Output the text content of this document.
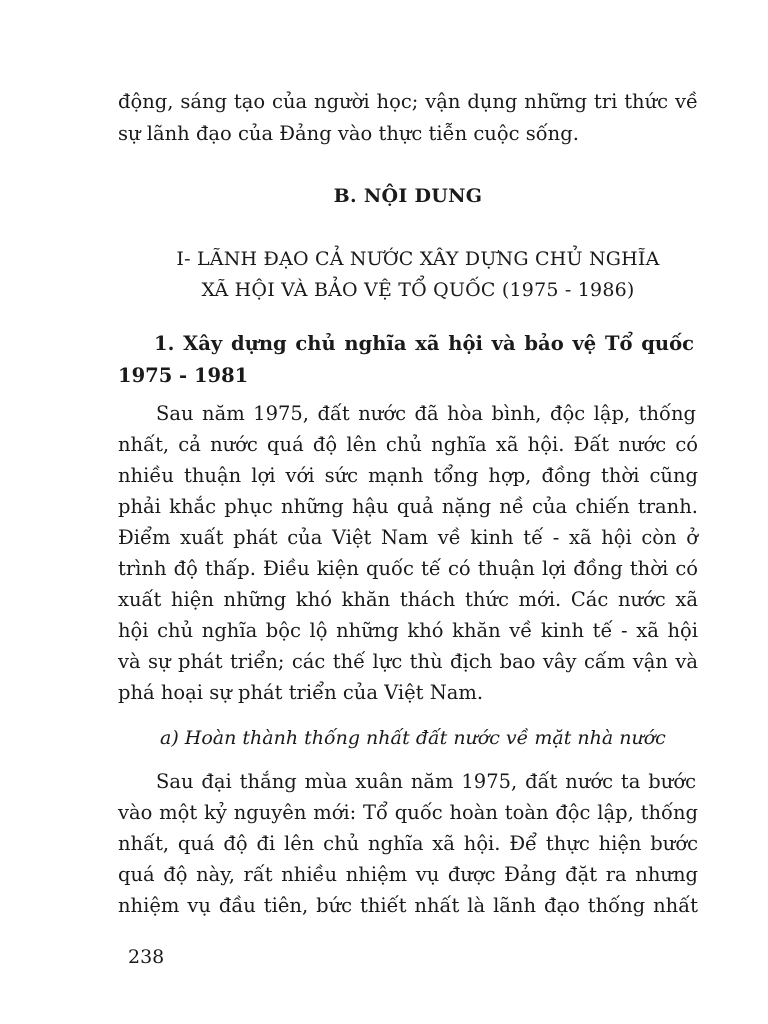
động, sáng tạo của người học; vận dụng những tri thức về
sự lãnh đạo của Đảng vào thực tiễn cuộc sống.
B. NỘI DUNG
I- LÃNH ĐẠO CẢ NƯỚC XÂY DỰNG CHỦ NGHĨA
XÃ HỘI VÀ BẢO VỆ TỔ QUỐC (1975 - 1986)
1. Xây dựng chủ nghĩa xã hội và bảo vệ Tổ quốc
1975 - 1981
Sau năm 1975, đất nước đã hòa bình, độc lập, thống
nhất, cả nước quá độ lên chủ nghĩa xã hội. Đất nước có
nhiều thuận lợi với sức mạnh tổng hợp, đồng thời cũng
phải khắc phục những hậu quả nặng nề của chiến tranh.
Điểm xuất phát của Việt Nam về kinh tế - xã hội còn ở
trình độ thấp. Điều kiện quốc tế có thuận lợi đồng thời có
xuất hiện những khó khăn thách thức mới. Các nước xã
hội chủ nghĩa bộc lộ những khó khăn về kinh tế - xã hội
và sự phát triển; các thế lực thù địch bao vây cấm vận và
phá hoại sự phát triển của Việt Nam.
a) Hoàn thành thống nhất đất nước về mặt nhà nước
Sau đại thắng mùa xuân năm 1975, đất nước ta bước
vào một kỷ nguyên mới: Tổ quốc hoàn toàn độc lập, thống
nhất, quá độ đi lên chủ nghĩa xã hội. Để thực hiện bước
quá độ này, rất nhiều nhiệm vụ được Đảng đặt ra nhưng
nhiệm vụ đầu tiên, bức thiết nhất là lãnh đạo thống nhất
238
